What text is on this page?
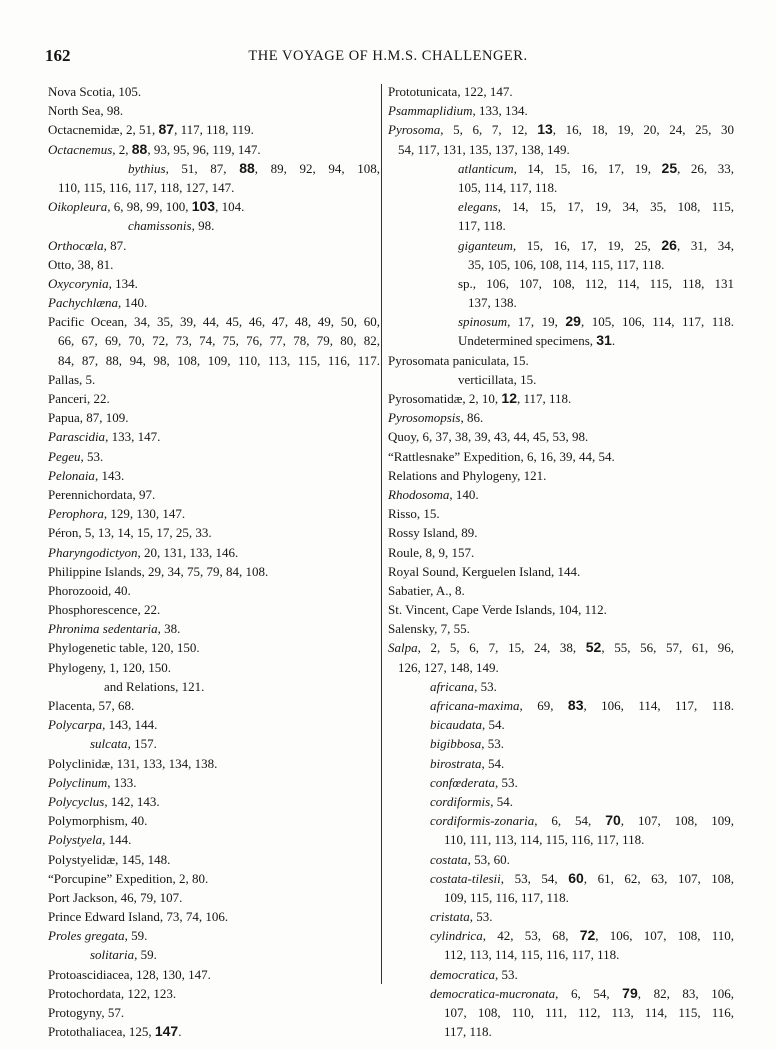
162	THE VOYAGE OF H.M.S. CHALLENGER.
Nova Scotia, 105.
North Sea, 98.
Octacnemidæ, 2, 51, 87, 117, 118, 119.
Octacnemus, 2, 88, 93, 95, 96, 119, 147.
bythius, 51, 87, 88, 89, 92, 94, 108,
110, 115, 116, 117, 118, 127, 147.
Oikopleura, 6, 98, 99, 100, 103, 104.
chamissonis, 98.
Orthocœla, 87.
Otto, 38, 81.
Oxycorynia, 134.
Pachychlæna, 140.
Pacific Ocean, 34, 35, 39, 44, 45, 46, 47, 48, 49, 50, 60,
66, 67, 69, 70, 72, 73, 74, 75, 76, 77, 78, 79, 80, 82,
84, 87, 88, 94, 98, 108, 109, 110, 113, 115, 116, 117.
Pallas, 5.
Panceri, 22.
Papua, 87, 109.
Parascidia, 133, 147.
Pegeu, 53.
Pelonaia, 143.
Perennichordata, 97.
Perophora, 129, 130, 147.
Péron, 5, 13, 14, 15, 17, 25, 33.
Pharyngodictyon, 20, 131, 133, 146.
Philippine Islands, 29, 34, 75, 79, 84, 108.
Phorozooid, 40.
Phosphorescence, 22.
Phronima sedentaria, 38.
Phylogenetic table, 120, 150.
Phylogeny, 1, 120, 150.
and Relations, 121.
Placenta, 57, 68.
Polycarpa, 143, 144.
sulcata, 157.
Polyclinidæ, 131, 133, 134, 138.
Polyclinum, 133.
Polycyclus, 142, 143.
Polymorphism, 40.
Polystyela, 144.
Polystyelidæ, 145, 148.
“Porcupine” Expedition, 2, 80.
Port Jackson, 46, 79, 107.
Prince Edward Island, 73, 74, 106.
Proles gregata, 59.
solitaria, 59.
Protoascidiacea, 128, 130, 147.
Protochordata, 122, 123.
Protogyny, 57.
Protothaliacea, 125, 147.
Prototunicata, 122, 147.
Psammaplidium, 133, 134.
Pyrosoma, 5, 6, 7, 12, 13, 16, 18, 19, 20, 24, 25, 30
54, 117, 131, 135, 137, 138, 149.
atlanticum, 14, 15, 16, 17, 19, 25, 26, 33,
105, 114, 117, 118.
elegans, 14, 15, 17, 19, 34, 35, 108, 115,
117, 118.
giganteum, 15, 16, 17, 19, 25, 26, 31, 34,
35, 105, 106, 108, 114, 115, 117, 118.
sp., 106, 107, 108, 112, 114, 115, 118, 131
137, 138.
spinosum, 17, 19, 29, 105, 106, 114, 117, 118.
Undetermined specimens, 31.
Pyrosomata paniculata, 15.
verticillata, 15.
Pyrosomatidæ, 2, 10, 12, 117, 118.
Pyrosomopsis, 86.
Quoy, 6, 37, 38, 39, 43, 44, 45, 53, 98.
“Rattlesnake” Expedition, 6, 16, 39, 44, 54.
Relations and Phylogeny, 121.
Rhodosoma, 140.
Risso, 15.
Rossy Island, 89.
Roule, 8, 9, 157.
Royal Sound, Kerguelen Island, 144.
Sabatier, A., 8.
St. Vincent, Cape Verde Islands, 104, 112.
Salensky, 7, 55.
Salpa, 2, 5, 6, 7, 15, 24, 38, 52, 55, 56, 57, 61, 96,
126, 127, 148, 149.
africana, 53.
africana-maxima, 69, 83, 106, 114, 117, 118.
bicaudata, 54.
bigibbosa, 53.
birostrata, 54.
confœderata, 53.
cordiformis, 54.
cordiformis-zonaria, 6, 54, 70, 107, 108, 109,
110, 111, 113, 114, 115, 116, 117, 118.
costata, 53, 60.
costata-tilesii, 53, 54, 60, 61, 62, 63, 107, 108,
109, 115, 116, 117, 118.
cristata, 53.
cylindrica, 42, 53, 68, 72, 106, 107, 108, 110,
112, 113, 114, 115, 116, 117, 118.
democratica, 53.
democratica-mucronata, 6, 54, 79, 82, 83, 106,
107, 108, 110, 111, 112, 113, 114, 115, 116,
117, 118.
